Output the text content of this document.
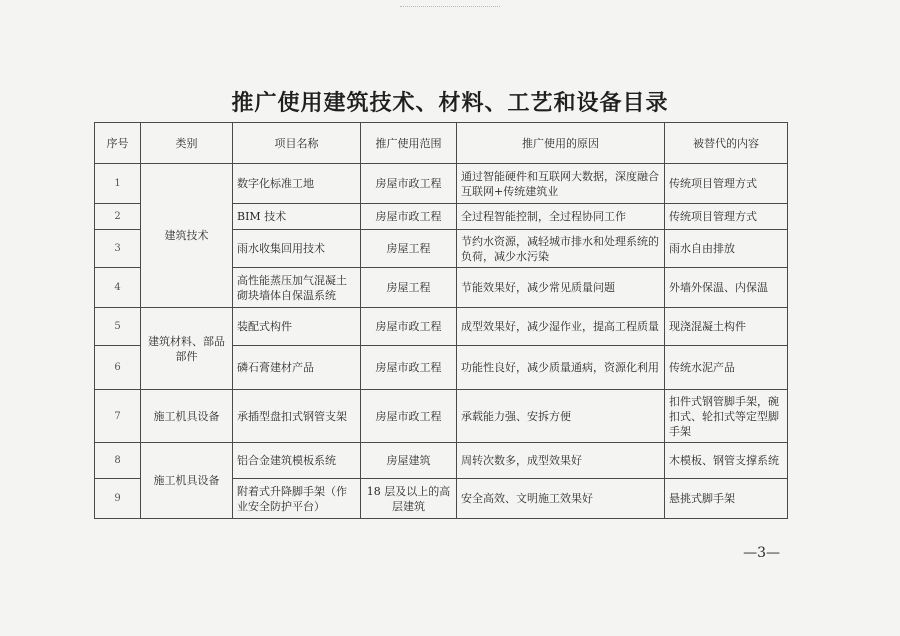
推广使用建筑技术、材料、工艺和设备目录
序号	类别	项目名称	推广使用范围	推广使用的原因	被替代的内容
1	建筑技术	数字化标准工地	房屋市政工程	通过智能硬件和互联网大数据，深度融合互联网+传统建筑业	传统项目管理方式
2		BIM 技术	房屋市政工程	全过程智能控制，全过程协同工作	传统项目管理方式
3		雨水收集回用技术	房屋工程	节约水资源，减轻城市排水和处理系统的负荷，减少水污染	雨水自由排放
4		高性能蒸压加气混凝土砌块墙体自保温系统	房屋工程	节能效果好，减少常见质量问题	外墙外保温、内保温
5	建筑材料、部品部件	装配式构件	房屋市政工程	成型效果好，减少湿作业，提高工程质量	现浇混凝土构件
6		磷石膏建材产品	房屋市政工程	功能性良好，减少质量通病，资源化利用	传统水泥产品
7	施工机具设备	承插型盘扣式钢管支架	房屋市政工程	承载能力强、安拆方便	扣件式钢管脚手架，碗扣式、轮扣式等定型脚手架
8	施工机具设备	铝合金建筑模板系统	房屋建筑	周转次数多，成型效果好	木模板、钢管支撑系统
9		附着式升降脚手架（作业安全防护平台）	18 层及以上的高层建筑	安全高效、文明施工效果好	悬挑式脚手架
—3—
